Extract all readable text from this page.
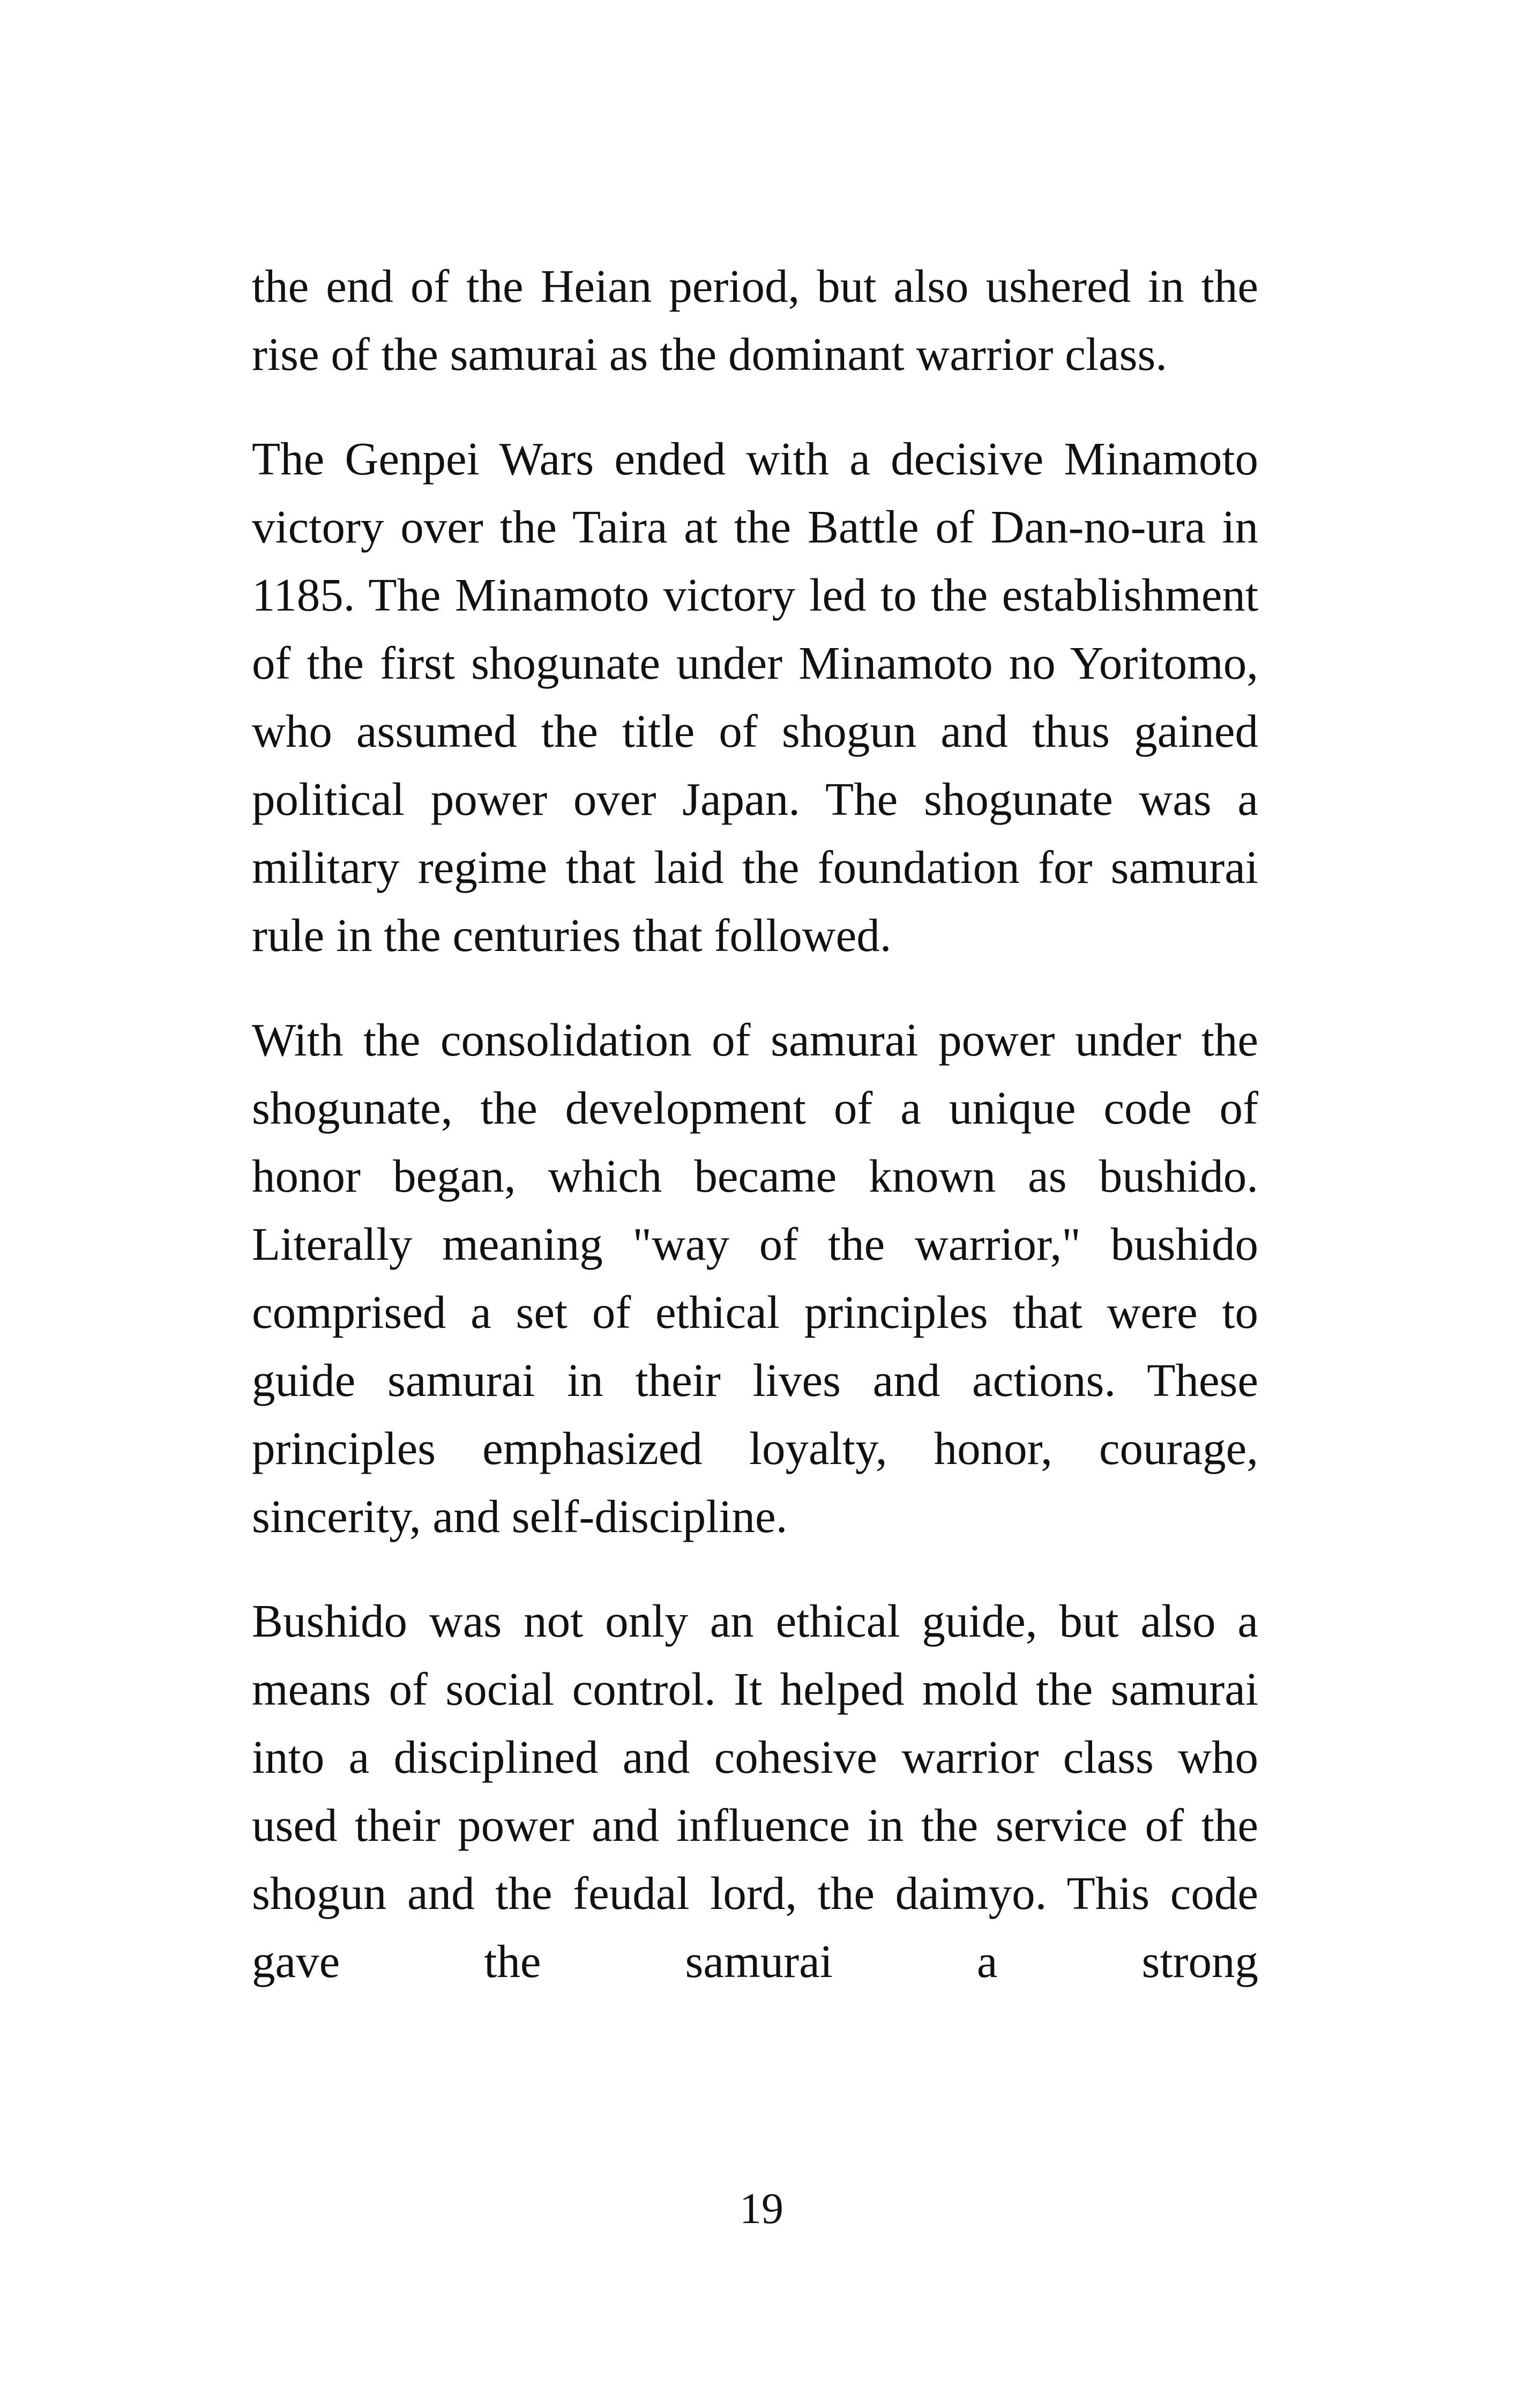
the end of the Heian period, but also ushered in the rise of the samurai as the dominant warrior class.

The Genpei Wars ended with a decisive Minamoto victory over the Taira at the Battle of Dan-no-ura in 1185. The Minamoto victory led to the establishment of the first shogunate under Minamoto no Yoritomo, who assumed the title of shogun and thus gained political power over Japan. The shogunate was a military regime that laid the foundation for samurai rule in the centuries that followed.

With the consolidation of samurai power under the shogunate, the development of a unique code of honor began, which became known as bushido. Literally meaning "way of the warrior," bushido comprised a set of ethical principles that were to guide samurai in their lives and actions. These principles emphasized loyalty, honor, courage, sincerity, and self-discipline.

Bushido was not only an ethical guide, but also a means of social control. It helped mold the samurai into a disciplined and cohesive warrior class who used their power and influence in the service of the shogun and the feudal lord, the daimyo. This code gave the samurai a strong

19
